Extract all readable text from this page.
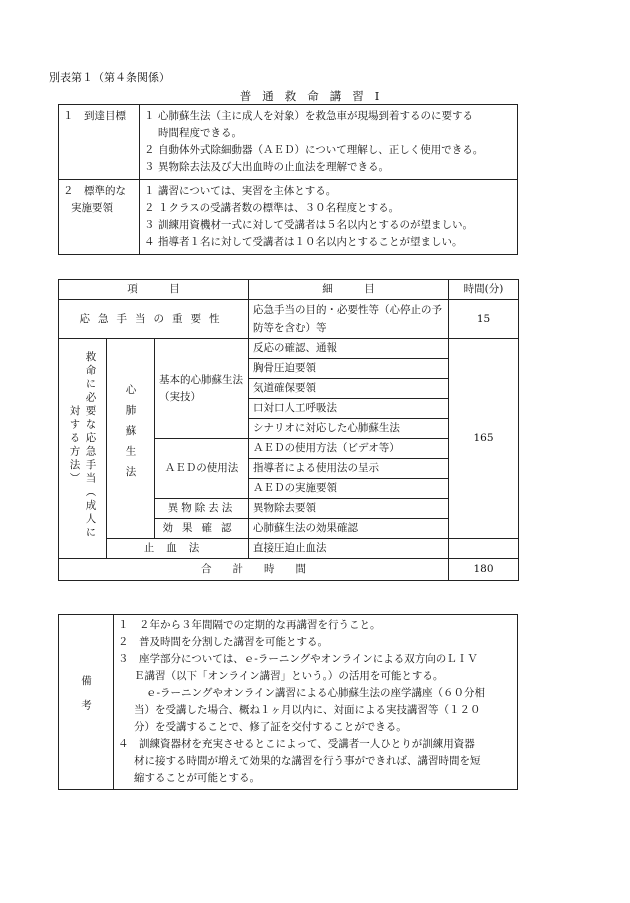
別表第１（第４条関係）
普通救命講習Ⅰ
１　到達目標	１ 心肺蘇生法（主に成人を対象）を救急車が現場到着するのに要する
時間程度できる。
２ 自動体外式除細動器（ＡＥＤ）について理解し、正しく使用できる。
３ 異物除去法及び大出血時の止血法を理解できる。

２　標準的な
実施要領	１ 講習については、実習を主体とする。
２ １クラスの受講者数の標準は、３０名程度とする。
３ 訓練用資機材一式に対して受講者は５名以内とするのが望ましい。
４ 指導者１名に対して受講者は１０名以内とすることが望ましい。
項　　　目			細　　　目	時間(分)
応急手当の重要性			応急手当の目的・必要性等（心停止の予防等を含む）等	15
救命に必要な応急手当（成人に対する方法）	心肺蘇生法	基本的心肺蘇生法（実技）	反応の確認、通報	165
			胸骨圧迫要領	
			気道確保要領	
			口対口人工呼吸法	
			シナリオに対応した心肺蘇生法	
		ＡＥＤの使用法	ＡＥＤの使用方法（ビデオ等）	
			指導者による使用法の呈示	
			ＡＥＤの実施要領	
		異物除去法	異物除去要領	
		効果確認	心肺蘇生法の効果確認	
	止血法		直接圧迫止血法	
合　　計　　時　　間				180
備考	
１　２年から３年間隔での定期的な再講習を行うこと。
２　普及時間を分割した講習を可能とする。
３　座学部分については、ｅ-ラーニングやオンラインによる双方向のＬＩＶ
Ｅ講習（以下「オンライン講習」という。）の活用を可能とする。
ｅ-ラーニングやオンライン講習による心肺蘇生法の座学講座（６０分相
当）を受講した場合、概ね１ヶ月以内に、対面による実技講習等（１２０
分）を受講することで、修了証を交付することができる。
４　訓練資器材を充実させるとこによって、受講者一人ひとりが訓練用資器
材に接する時間が増えて効果的な講習を行う事ができれば、講習時間を短
縮することが可能とする。
